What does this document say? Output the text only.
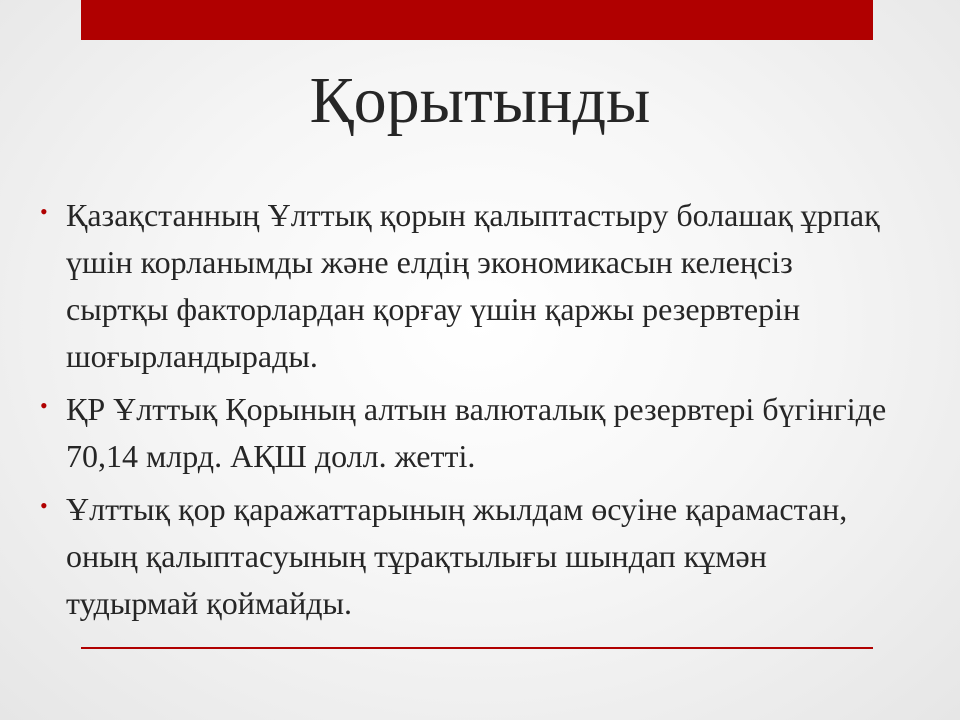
Қорытынды
• Қазақстанның Ұлттық қорын қалыптастыру болашақ ұрпақ үшін корланымды және елдің экономикасын келеңсіз сыртқы факторлардан қорғау үшін қаржы резервтерін шоғырландырады.
• ҚР Ұлттық Қорының алтын валюталық резервтері бүгінгіде 70,14 млрд. АҚШ долл. жетті.
• Ұлттық қор қаражаттарының жылдам өсуіне қарамастан, оның қалыптасуының тұрақтылығы шындап кұмән тудырмай қоймайды.
